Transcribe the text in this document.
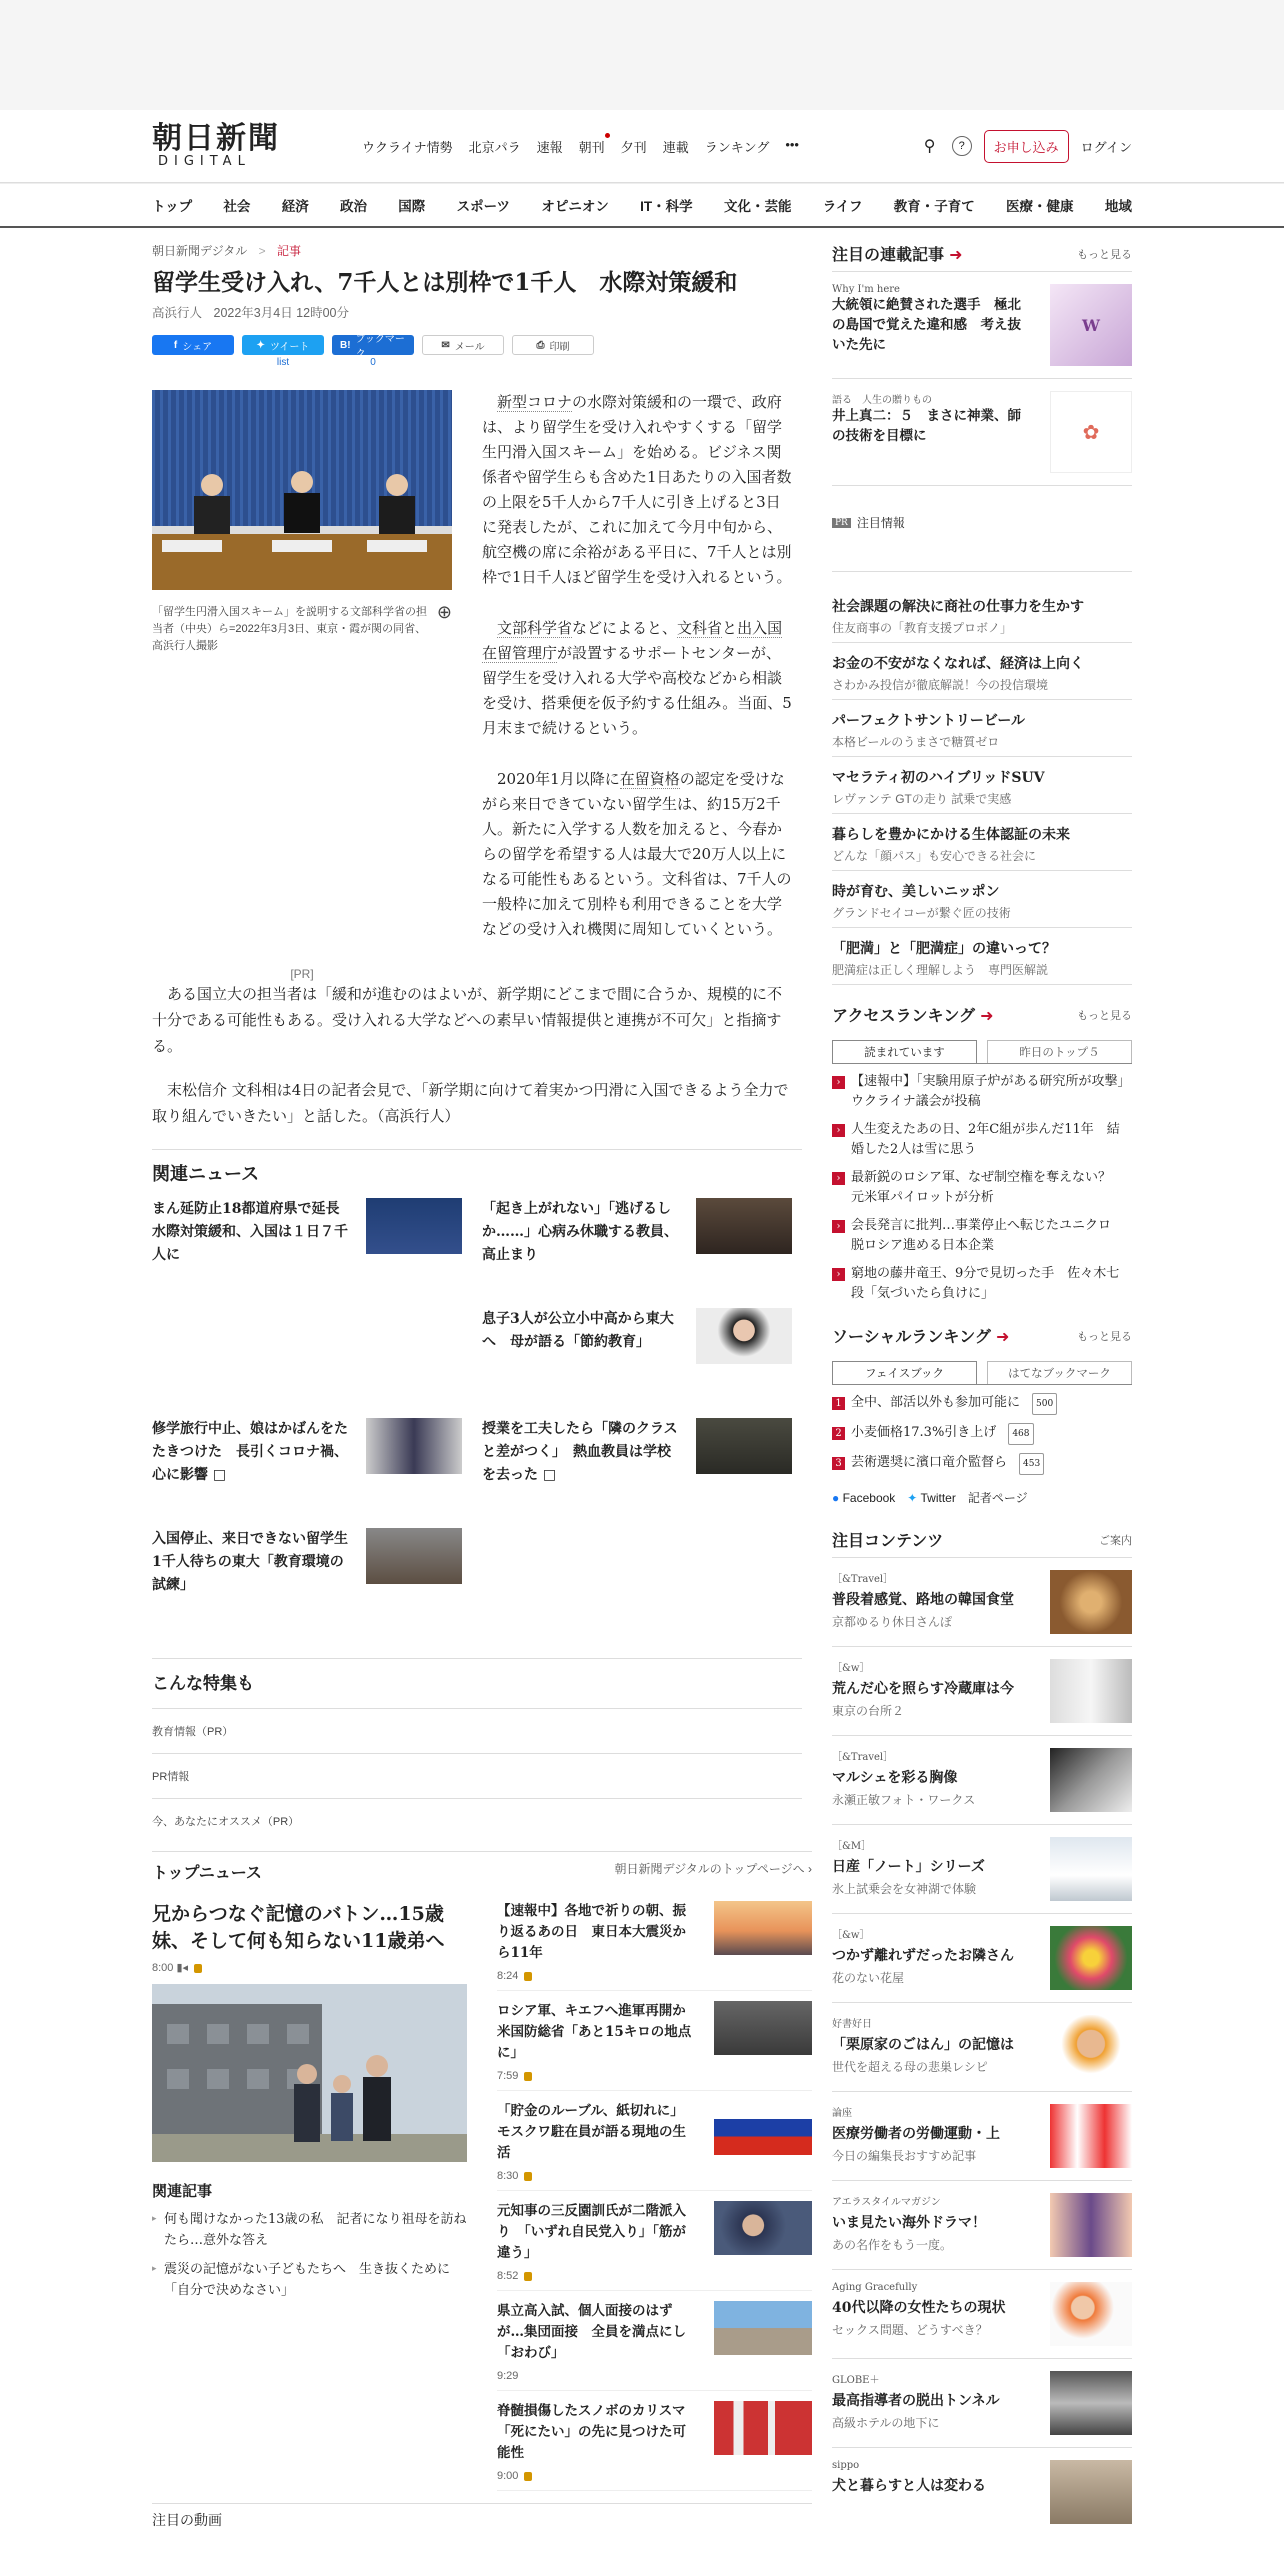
朝日新聞
DIGITAL
ウクライナ情勢 北京パラ 速報 朝刊 夕刊 連載 ランキング •••	⚲	?	お申し込み	ログイン
トップ 社会 経済 政治 国際 スポーツ オピニオン IT・科学 文化・芸能 ライフ 教育・子育て 医療・健康 地域
朝日新聞デジタル > 記事
留学生受け入れ、7千人とは別枠で1千人　水際対策緩和
高浜行人 2022年3月4日 12時00分
f シェア	✦ ツイート
list
B! ブックマーク
0
✉ メール	⎙ 印刷
「留学生円滑入国スキーム」を説明する文部科学省の担当者（中央）ら=2022年3月3日、東京・霞が関の同省、高浜行人撮影
⊕
[PR]

新型コロナの水際対策緩和の一環で、政府は、より留学生を受け入れやすくする「留学生円滑入国スキーム」を始める。ビジネス関係者や留学生らも含めた1日あたりの入国者数の上限を5千人から7千人に引き上げると3日に発表したが、これに加えて今月中旬から、航空機の席に余裕がある平日に、7千人とは別枠で1日千人ほど留学生を受け入れるという。

文部科学省などによると、文科省と出入国在留管理庁が設置するサポートセンターが、留学生を受け入れる大学や高校などから相談を受け、搭乗便を仮予約する仕組み。当面、5月末まで続けるという。

2020年1月以降に在留資格の認定を受けながら来日できていない留学生は、約15万2千人。新たに入学する人数を加えると、今春からの留学を希望する人は最大で20万人以上になる可能性もあるという。文科省は、7千人の一般枠に加えて別枠も利用できることを大学などの受け入れ機関に周知していくという。

ある国立大の担当者は「緩和が進むのはよいが、新学期にどこまで間に合うか、規模的に不十分である可能性もある。受け入れる大学などへの素早い情報提供と連携が不可欠」と指摘する。

末松信介 文科相は4日の記者会見で、「新学期に向けて着実かつ円滑に入国できるよう全力で取り組んでいきたい」と話した。（高浜行人）

関連ニュース
まん延防止18都道府県で延長　水際対策緩和、入国は１日７千人に
「起き上がれない」「逃げるしか……」心病み休職する教員、高止まり
息子3人が公立小中高から東大へ　母が語る「節約教育」
修学旅行中止、娘はかばんをたたきつけた　長引くコロナ禍、心に影響 □
授業を工夫したら「隣のクラスと差がつく」　熱血教員は学校を去った □
入国停止、来日できない留学生　1千人待ちの東大「教育環境の試練」
こんな特集も
教育情報（PR）
PR情報
今、あなたにオススメ（PR）
トップニュース	朝日新聞デジタルのトップページへ ›
兄からつなぐ記憶のバトン…15歳妹、そして何も知らない11歳弟へ
8:00 ▮◂
関連記事
▸ 何も聞けなかった13歳の私　記者になり祖母を訪ねたら…意外な答え
▸ 震災の記憶がない子どもたちへ　生き抜くために「自分で決めなさい」
【速報中】各地で祈りの朝、振り返るあの日　東日本大震災から11年
8:24
ロシア軍、キエフへ進軍再開か　米国防総省「あと15キロの地点に」
7:59
「貯金のルーブル、紙切れに」　モスクワ駐在員が語る現地の生活
8:30
元知事の三反園訓氏が二階派入り　「いずれ自民党入り」「筋が違う」
8:52
県立高入試、個人面接のはずが…集団面接　全員を満点にし「おわび」
9:29
脊髄損傷したスノボのカリスマ「死にたい」の先に見つけた可能性
9:00
注目の動画
注目の連載記事 ➜	もっと見る
Why I'm here
大統領に絶賛された選手　極北の島国で覚えた違和感　考え抜いた先に
W
語る　人生の贈りもの
井上真二：５　まさに神業、師の技術を目標に	✿
PR 注目情報
社会課題の解決に商社の仕事力を生かす
住友商事の「教育支援プロボノ」
お金の不安がなくなれば、経済は上向く
さわかみ投信が徹底解説！今の投信環境
パーフェクトサントリービール
本格ビールのうまさで糖質ゼロ
マセラティ初のハイブリッドSUV
レヴァンテ GTの走り 試乗で実感
暮らしを豊かにかける生体認証の未来
どんな「顔パス」も安心できる社会に
時が育む、美しいニッポン
グランドセイコーが繋ぐ匠の技術
「肥満」と「肥満症」の違いって？
肥満症は正しく理解しよう　専門医解説
アクセスランキング ➜	もっと見る
読まれています	昨日のトップ５
› 【速報中】「実験用原子炉がある研究所が攻撃」ウクライナ議会が投稿
› 人生変えたあの日、2年C組が歩んだ11年　結婚した2人は雪に思う
› 最新鋭のロシア軍、なぜ制空権を奪えない？　元米軍パイロットが分析
› 会長発言に批判…事業停止へ転じたユニクロ　脱ロシア進める日本企業
› 窮地の藤井竜王、9分で見切った手　佐々木七段「気づいたら負けに」
ソーシャルランキング ➜	もっと見る
フェイスブック	はてなブックマーク
1 全中、部活以外も参加可能に	500
2 小麦価格17.3%引き上げ	468
3 芸術選奨に濱口竜介監督ら	453
● Facebook ✦ Twitter 記者ページ
注目コンテンツ	ご案内
［&Travel］
普段着感覚、路地の韓国食堂
京都ゆるり休日さんぽ
［&w］
荒んだ心を照らす冷蔵庫は今
東京の台所２
［&Travel］
マルシェを彩る胸像
永瀬正敏フォト・ワークス
［&M］
日産「ノート」シリーズ
氷上試乗会を女神湖で体験
［&w］
つかず離れずだったお隣さん
花のない花屋
好書好日
「栗原家のごはん」の記憶は
世代を超える母の悲巣レシピ
論座
医療労働者の労働運動・上
今日の編集長おすすめ記事
アエラスタイルマガジン
いま見たい海外ドラマ！
あの名作をもう一度。
Aging Gracefully
40代以降の女性たちの現状
セックス問題、どうすべき？
GLOBE＋
最高指導者の脱出トンネル
高級ホテルの地下に
sippo
犬と暮らすと人は変わる
